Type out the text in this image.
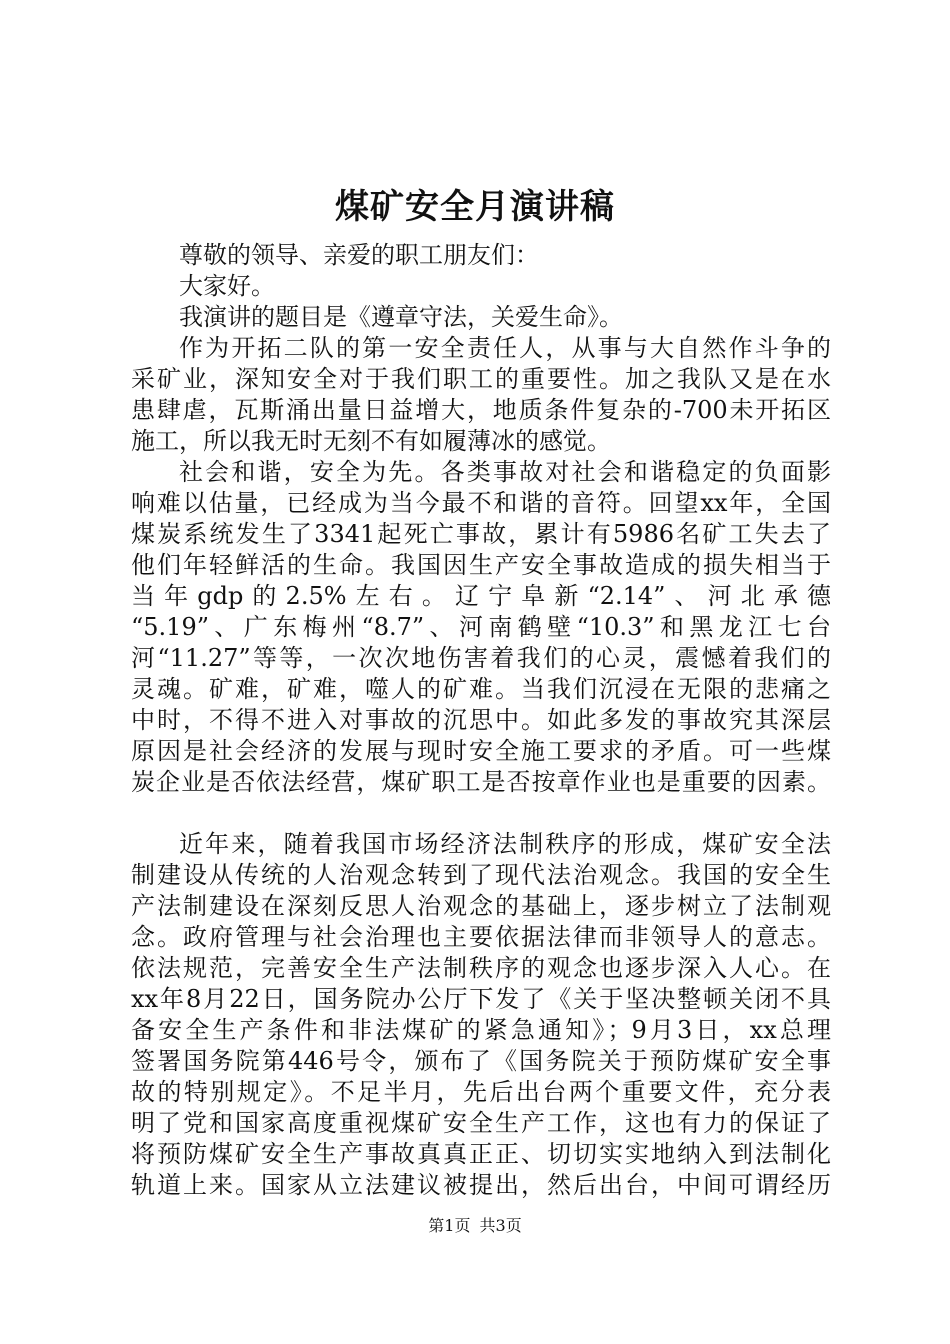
煤矿安全月演讲稿
尊敬的领导、亲爱的职工朋友们：
大家好。
我演讲的题目是《遵章守法，关爱生命》。
作为开拓二队的第一安全责任人，从事与大自然作斗争的
采矿业，深知安全对于我们职工的重要性。加之我队又是在水
患肆虐，瓦斯涌出量日益增大，地质条件复杂的-700未开拓区
施工，所以我无时无刻不有如履薄冰的感觉。
社会和谐，安全为先。各类事故对社会和谐稳定的负面影
响难以估量，已经成为当今最不和谐的音符。回望xx年，全国
煤炭系统发生了3341起死亡事故，累计有5986名矿工失去了
他们年轻鲜活的生命。我国因生产安全事故造成的损失相当于
当年gdp的2.5%左右。辽宁阜新“2.14”、河北承德
“5.19”、广东梅州“8.7”、河南鹤壁“10.3”和黑龙江七台
河“11.27”等等，一次次地伤害着我们的心灵，震憾着我们的
灵魂。矿难，矿难，噬人的矿难。当我们沉浸在无限的悲痛之
中时，不得不进入对事故的沉思中。如此多发的事故究其深层
原因是社会经济的发展与现时安全施工要求的矛盾。可一些煤
炭企业是否依法经营，煤矿职工是否按章作业也是重要的因素。
近年来，随着我国市场经济法制秩序的形成，煤矿安全法
制建设从传统的人治观念转到了现代法治观念。我国的安全生
产法制建设在深刻反思人治观念的基础上，逐步树立了法制观
念。政府管理与社会治理也主要依据法律而非领导人的意志。
依法规范，完善安全生产法制秩序的观念也逐步深入人心。在
xx年8月22日，国务院办公厅下发了《关于坚决整顿关闭不具
备安全生产条件和非法煤矿的紧急通知》；9月3日，xx总理
签署国务院第446号令，颁布了《国务院关于预防煤矿安全事
故的特别规定》。不足半月，先后出台两个重要文件，充分表
明了党和国家高度重视煤矿安全生产工作，这也有力的保证了
将预防煤矿安全生产事故真真正正、切切实实地纳入到法制化
轨道上来。国家从立法建议被提出，然后出台，中间可谓经历
第1页 共3页
